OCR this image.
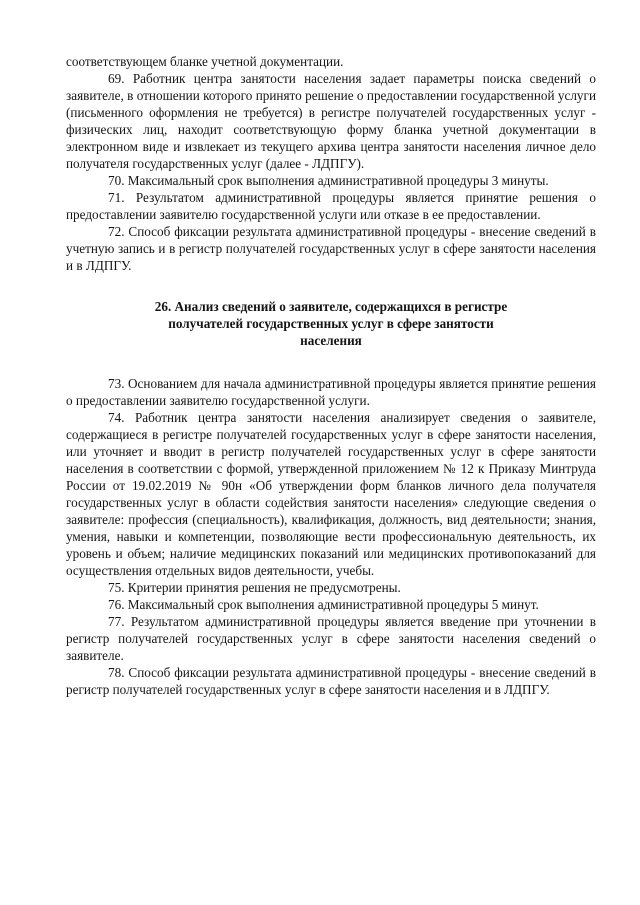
соответствующем бланке учетной документации.

69. Работник центра занятости населения задает параметры поиска сведений о заявителе, в отношении которого принято решение о предоставлении государственной услуги (письменного оформления не требуется) в регистре получателей государственных услуг - физических лиц, находит соответствующую форму бланка учетной документации в электронном виде и извлекает из текущего архива центра занятости населения личное дело получателя государственных услуг (далее - ЛДПГУ).

70. Максимальный срок выполнения административной процедуры 3 минуты.

71. Результатом административной процедуры является принятие решения о предоставлении заявителю государственной услуги или отказе в ее предоставлении.

72. Способ фиксации результата административной процедуры - внесение сведений в учетную запись и в регистр получателей государственных услуг в сфере занятости населения и в ЛДПГУ.

26. Анализ сведений о заявителе, содержащихся в регистре
получателей государственных услуг в сфере занятости
населения

73. Основанием для начала административной процедуры является принятие решения о предоставлении заявителю государственной услуги.

74. Работник центра занятости населения анализирует сведения о заявителе, содержащиеся в регистре получателей государственных услуг в сфере занятости населения, или уточняет и вводит в регистр получателей государственных услуг в сфере занятости населения в соответствии с формой, утвержденной приложением № 12 к Приказу Минтруда России от 19.02.2019 № 90н «Об утверждении форм бланков личного дела получателя государственных услуг в области содействия занятости населения» следующие сведения о заявителе: профессия (специальность), квалификация, должность, вид деятельности; знания, умения, навыки и компетенции, позволяющие вести профессиональную деятельность, их уровень и объем; наличие медицинских показаний или медицинских противопоказаний для осуществления отдельных видов деятельности, учебы.

75. Критерии принятия решения не предусмотрены.

76. Максимальный срок выполнения административной процедуры 5 минут.

77. Результатом административной процедуры является введение при уточнении в регистр получателей государственных услуг в сфере занятости населения сведений о заявителе.

78. Способ фиксации результата административной процедуры - внесение сведений в регистр получателей государственных услуг в сфере занятости населения и в ЛДПГУ.
